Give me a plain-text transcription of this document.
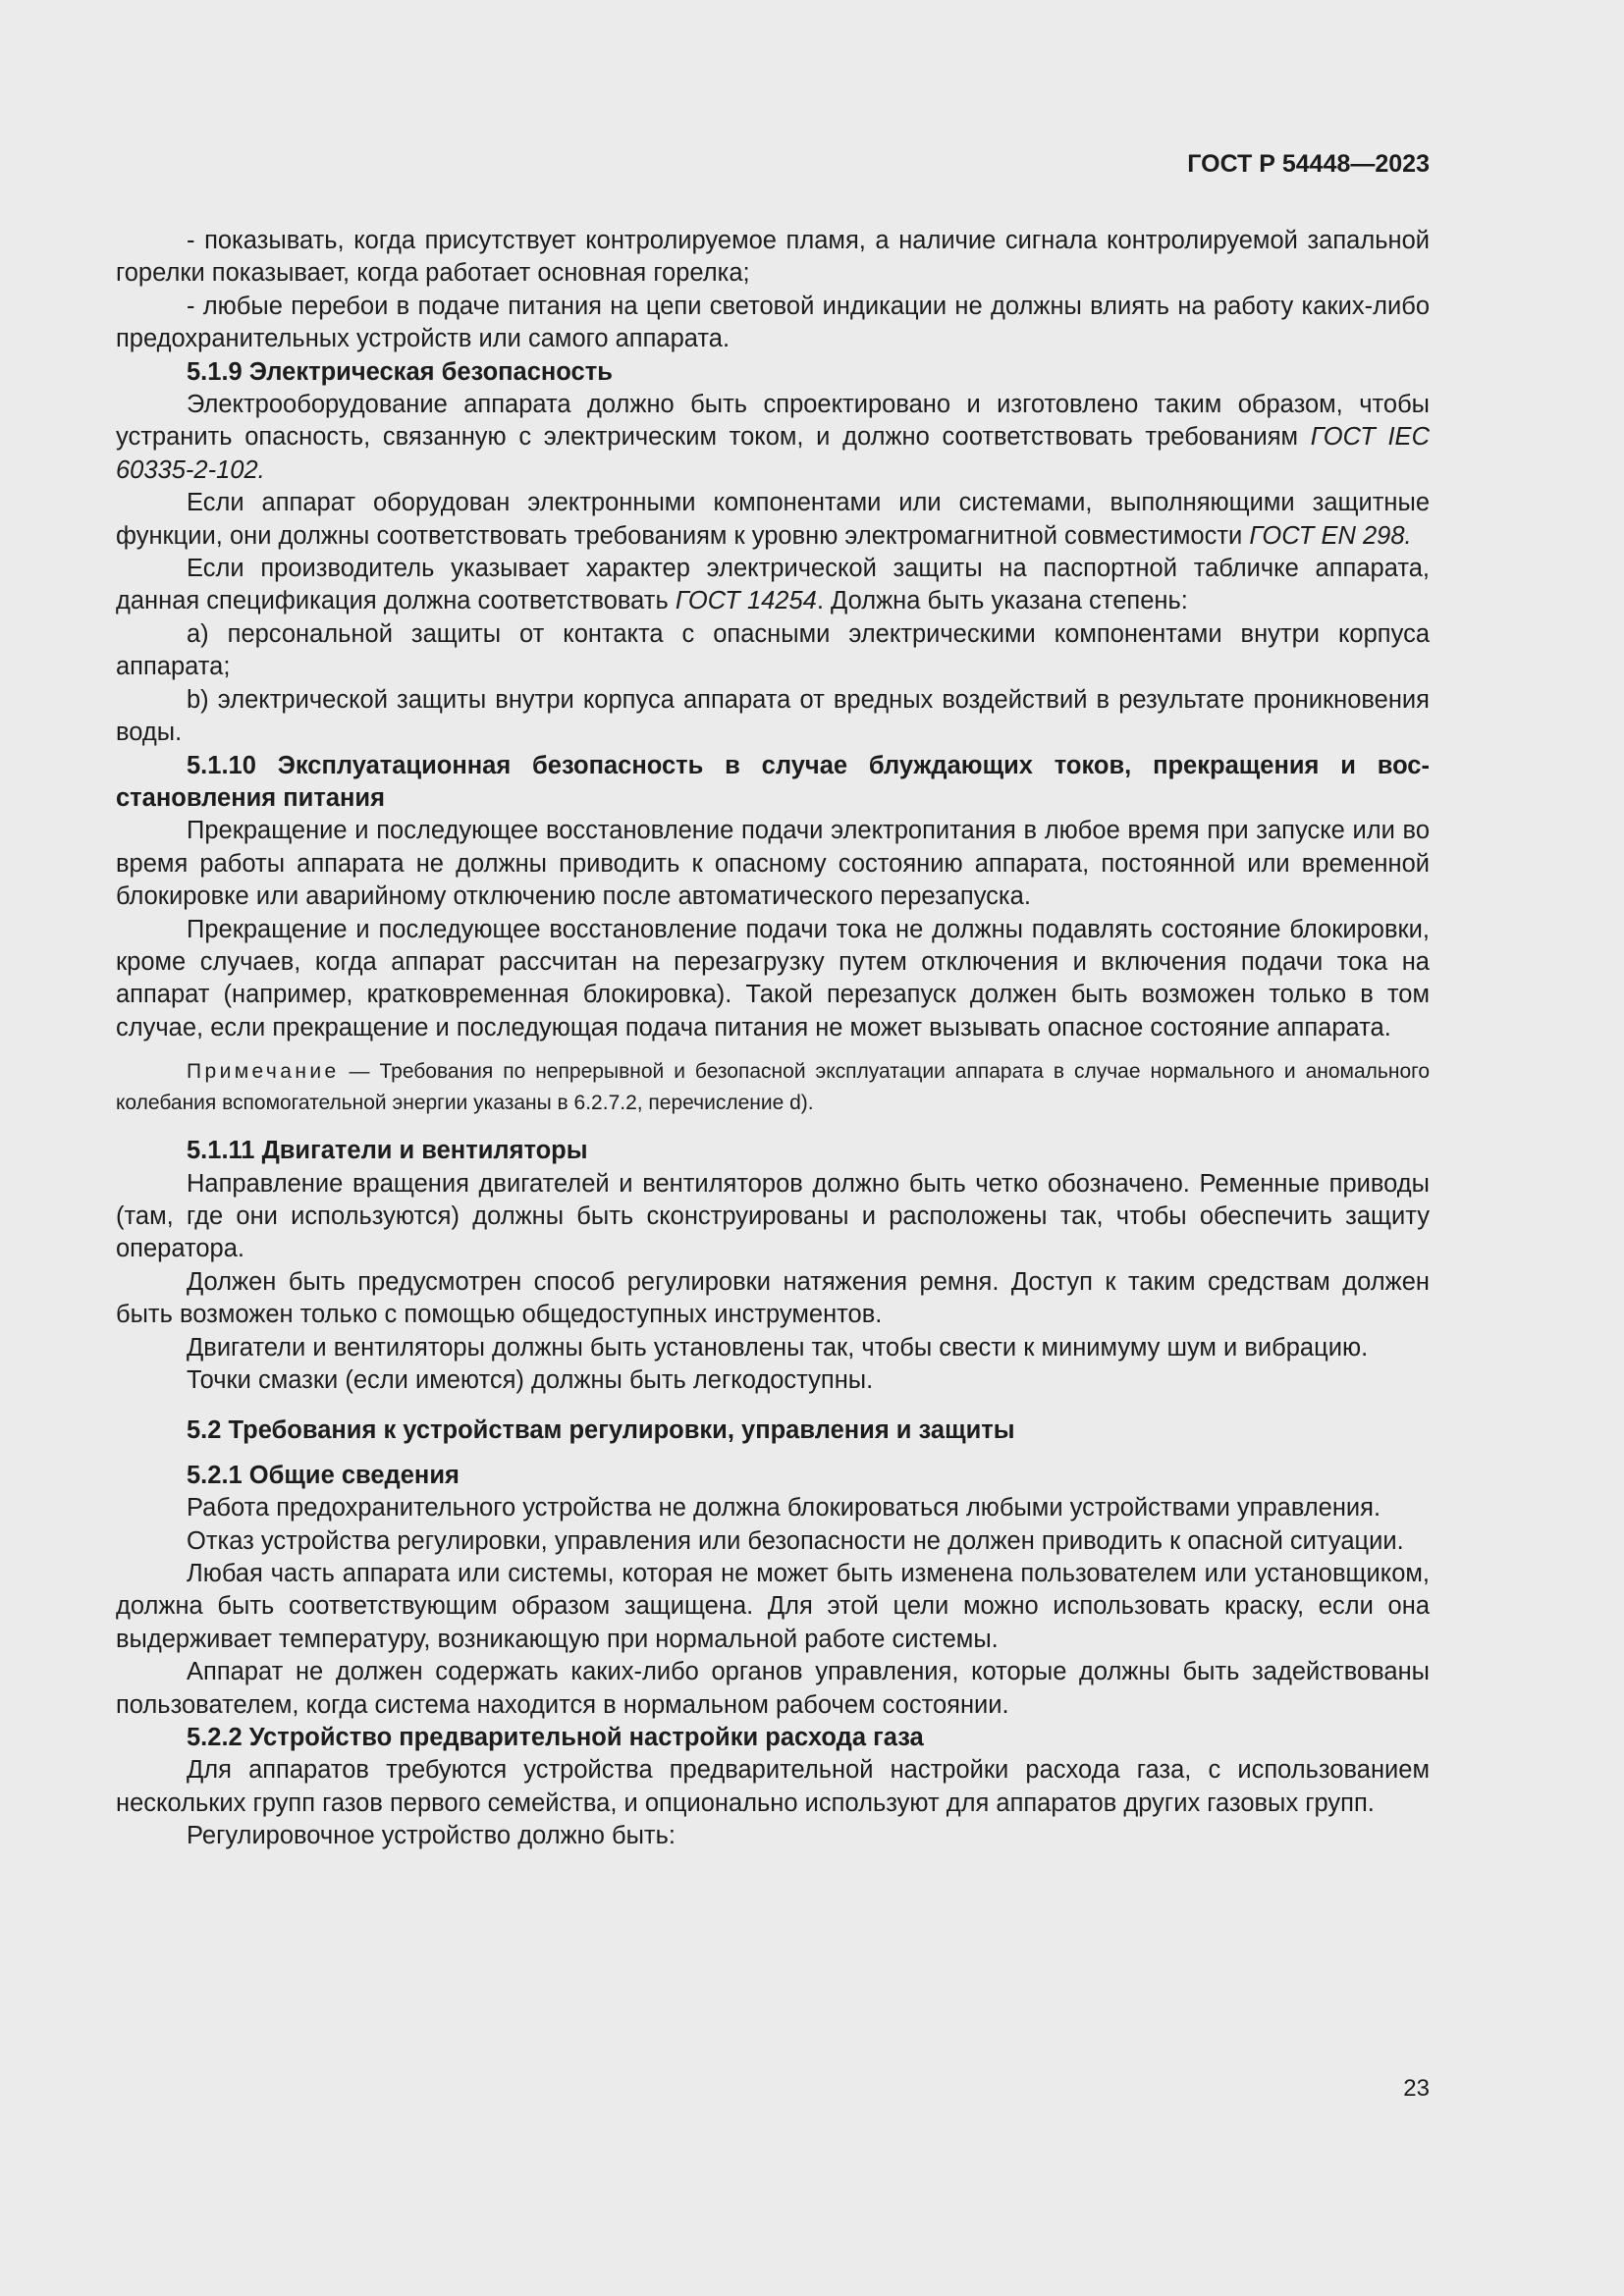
ГОСТ Р 54448—2023

- показывать, когда присутствует контролируемое пламя, а наличие сигнала контролируемой запальной горелки показывает, когда работает основная горелка;

- любые перебои в подаче питания на цепи световой индикации не должны влиять на работу каких-либо предохранительных устройств или самого аппарата.

5.1.9 Электрическая безопасность

Электрооборудование аппарата должно быть спроектировано и изготовлено таким образом, чтобы устранить опасность, связанную с электрическим током, и должно соответствовать требованиям ГОСТ IEC 60335-2-102.

Если аппарат оборудован электронными компонентами или системами, выполняющими защитные функции, они должны соответствовать требованиям к уровню электромагнитной совместимости ГОСТ EN 298.

Если производитель указывает характер электрической защиты на паспортной табличке аппарата, данная спецификация должна соответствовать ГОСТ 14254. Должна быть указана степень:

a) персональной защиты от контакта с опасными электрическими компонентами внутри корпуса аппарата;

b) электрической защиты внутри корпуса аппарата от вредных воздействий в результате проникновения воды.

5.1.10 Эксплуатационная безопасность в случае блуждающих токов, прекращения и восстановления питания

Прекращение и последующее восстановление подачи электропитания в любое время при запуске или во время работы аппарата не должны приводить к опасному состоянию аппарата, постоянной или временной блокировке или аварийному отключению после автоматического перезапуска.

Прекращение и последующее восстановление подачи тока не должны подавлять состояние блокировки, кроме случаев, когда аппарат рассчитан на перезагрузку путем отключения и включения подачи тока на аппарат (например, кратковременная блокировка). Такой перезапуск должен быть возможен только в том случае, если прекращение и последующая подача питания не может вызывать опасное состояние аппарата.

Примечание — Требования по непрерывной и безопасной эксплуатации аппарата в случае нормального и аномального колебания вспомогательной энергии указаны в 6.2.7.2, перечисление d).

5.1.11 Двигатели и вентиляторы

Направление вращения двигателей и вентиляторов должно быть четко обозначено. Ременные приводы (там, где они используются) должны быть сконструированы и расположены так, чтобы обеспечить защиту оператора.

Должен быть предусмотрен способ регулировки натяжения ремня. Доступ к таким средствам должен быть возможен только с помощью общедоступных инструментов.

Двигатели и вентиляторы должны быть установлены так, чтобы свести к минимуму шум и вибрацию.

Точки смазки (если имеются) должны быть легкодоступны.

5.2 Требования к устройствам регулировки, управления и защиты

5.2.1 Общие сведения

Работа предохранительного устройства не должна блокироваться любыми устройствами управления.

Отказ устройства регулировки, управления или безопасности не должен приводить к опасной ситуации.

Любая часть аппарата или системы, которая не может быть изменена пользователем или установщиком, должна быть соответствующим образом защищена. Для этой цели можно использовать краску, если она выдерживает температуру, возникающую при нормальной работе системы.

Аппарат не должен содержать каких-либо органов управления, которые должны быть задействованы пользователем, когда система находится в нормальном рабочем состоянии.

5.2.2 Устройство предварительной настройки расхода газа

Для аппаратов требуются устройства предварительной настройки расхода газа, с использованием нескольких групп газов первого семейства, и опционально используют для аппаратов других газовых групп.

Регулировочное устройство должно быть:

23
